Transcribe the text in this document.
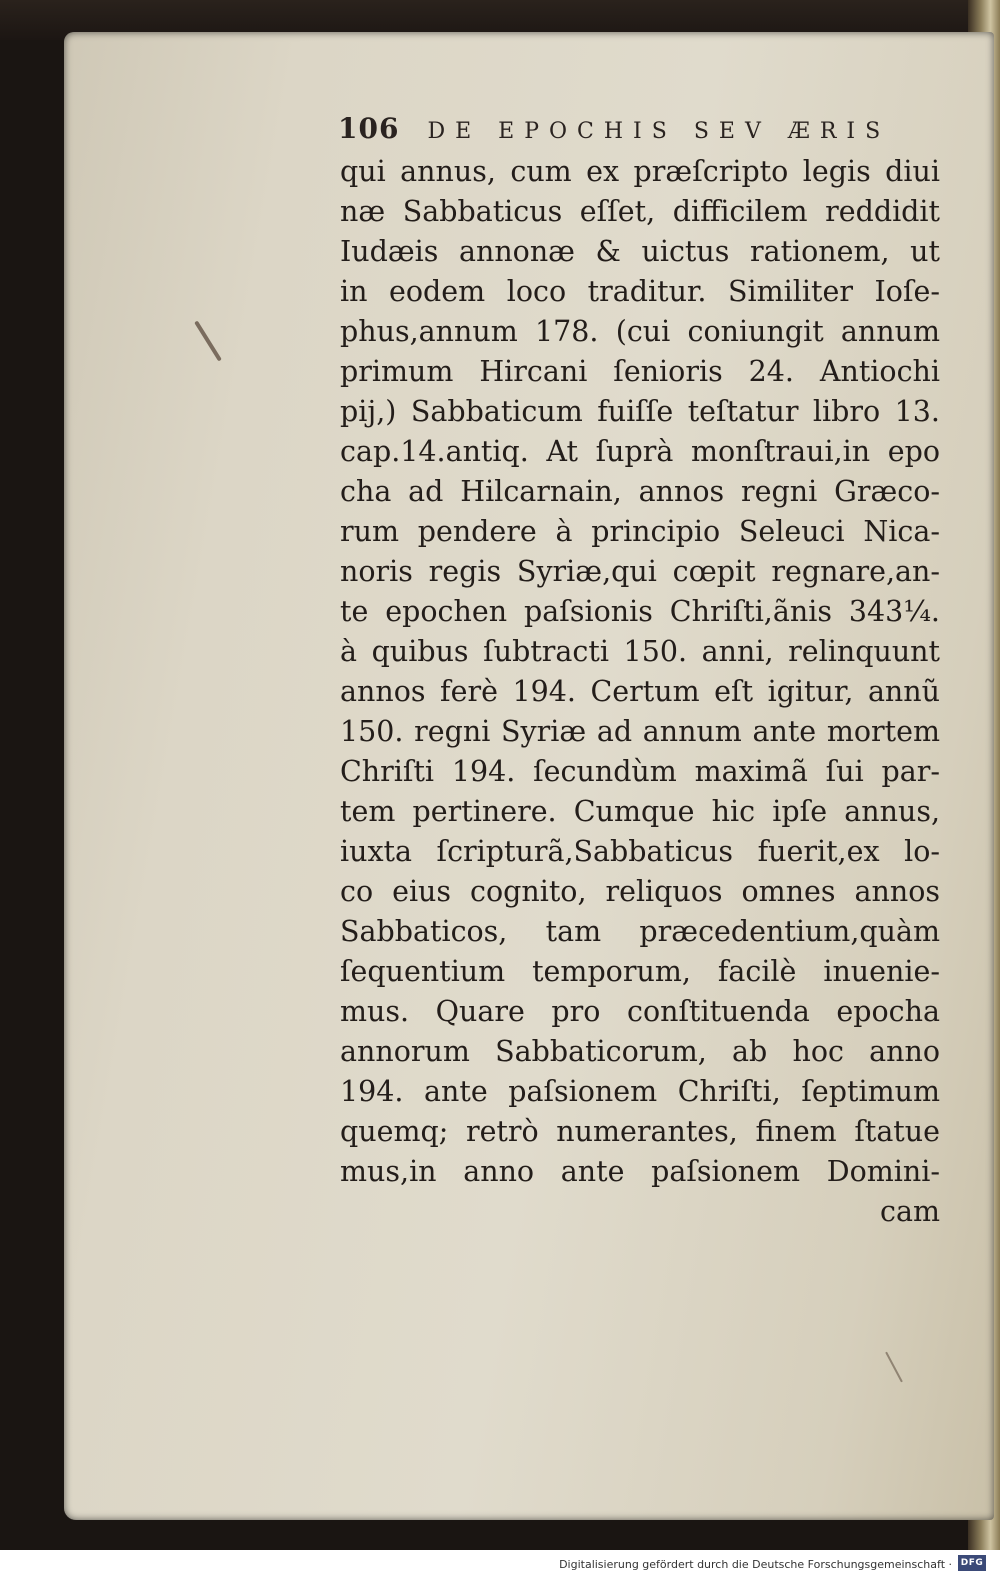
106 DE EPOCHIS SEV ÆRIS
qui annus, cum ex præſcripto legis diui
næ Sabbaticus eſſet, difficilem reddidit
Iudæis annonæ & uictus rationem, ut
in eodem loco traditur. Similiter Ioſe-
phus,annum 178. (cui coniungit annum
primum Hircani ſenioris 24. Antiochi
pij,) Sabbaticum fuiſſe teſtatur libro 13.
cap.14.antiq. At ſuprà monſtraui,in epo
cha ad Hilcarnain, annos regni Græco-
rum pendere à principio Seleuci Nica-
noris regis Syriæ,qui cœpit regnare,an-
te epochen paſsionis Chriſti,ãnis 343¼.
à quibus ſubtracti 150. anni, relinquunt
annos ferè 194. Certum eſt igitur, annũ
150. regni Syriæ ad annum ante mortem
Chriſti 194. ſecundùm maximã ſui par-
tem pertinere. Cumque hic ipſe annus,
iuxta ſcripturã,Sabbaticus fuerit,ex lo-
co eius cognito, reliquos omnes annos
Sabbaticos, tam præcedentium,quàm
ſequentium temporum, facilè inuenie-
mus. Quare pro conſtituenda epocha
annorum Sabbaticorum, ab hoc anno
194. ante paſsionem Chriſti, ſeptimum
quemq; retrò numerantes, finem ſtatue
mus,in anno ante paſsionem Domini-
cam
Digitalisierung gefördert durch die Deutsche Forschungsgemeinschaft · DFG
